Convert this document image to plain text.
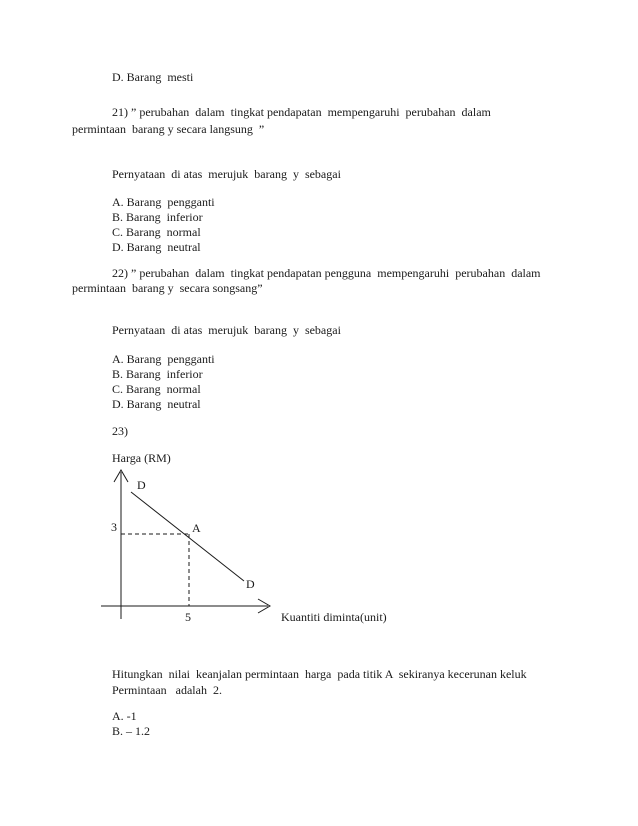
D. Barang  mesti
21) ” perubahan  dalam  tingkat pendapatan  mempengaruhi  perubahan  dalam
permintaan  barang y secara langsung  ”
Pernyataan  di atas  merujuk  barang  y  sebagai
A. Barang  pengganti
B. Barang  inferior
C. Barang  normal
D. Barang  neutral
22) ” perubahan  dalam  tingkat pendapatan pengguna  mempengaruhi  perubahan  dalam
permintaan  barang y  secara songsang”
Pernyataan  di atas  merujuk  barang  y  sebagai
A. Barang  pengganti
B. Barang  inferior
C. Barang  normal
D. Barang  neutral
23)
Harga (RM)
D
A
D
3
5	Kuantiti diminta(unit)
Hitungkan  nilai  keanjalan permintaan  harga  pada titik A  sekiranya kecerunan keluk
Permintaan   adalah  2.
A. -1
B. – 1.2
